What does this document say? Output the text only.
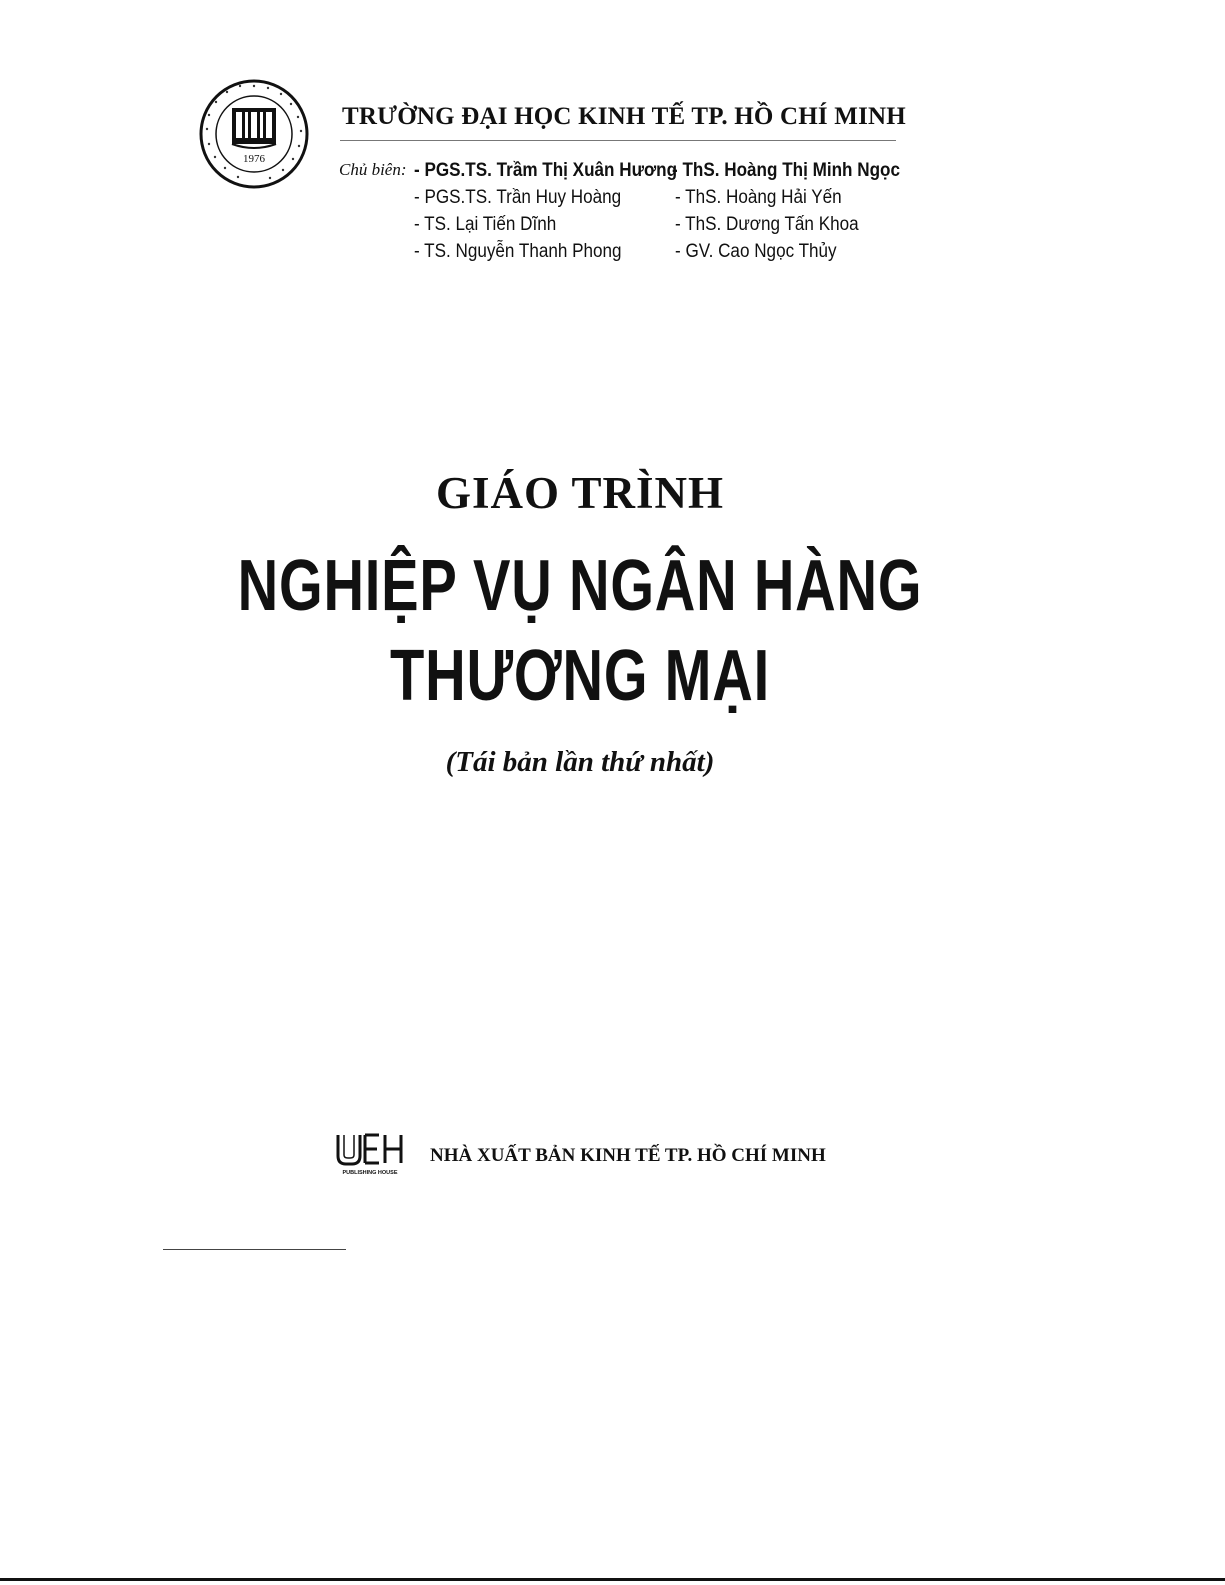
1976
TRƯỜNG ĐẠI HỌC KINH TẾ TP. HỒ CHÍ MINH
Chủ biên: - PGS.TS. Trầm Thị Xuân Hương
- PGS.TS. Trần Huy Hoàng
- TS. Lại Tiến Dĩnh
- TS. Nguyễn Thanh Phong
- ThS. Hoàng Thị Minh Ngọc
- ThS. Hoàng Hải Yến
- ThS. Dương Tấn Khoa
- GV. Cao Ngọc Thủy
GIÁO TRÌNH
NGHIỆP VỤ NGÂN HÀNG
THƯƠNG MẠI
(Tái bản lần thứ nhất)
PUBLISHING HOUSE
NHÀ XUẤT BẢN KINH TẾ TP. HỒ CHÍ MINH
